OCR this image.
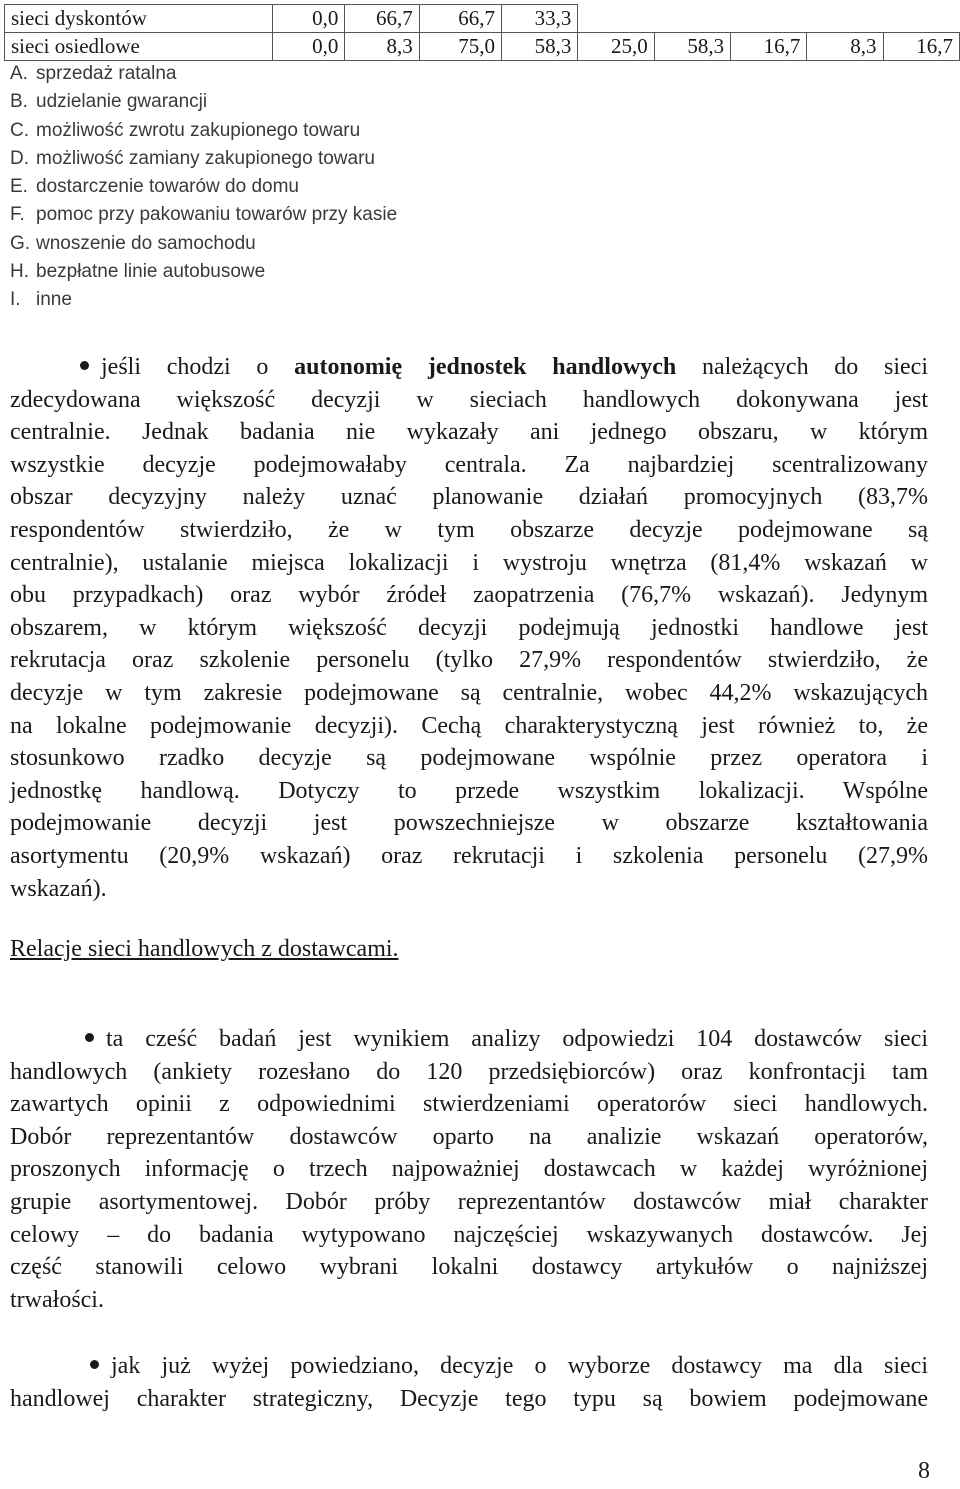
sieci dyskontów	0,0	66,7	66,7	33,3					
sieci osiedlowe	0,0	8,3	75,0	58,3	25,0	58,3	16,7	8,3	16,7
A. sprzedaż ratalna
B. udzielanie gwarancji
C. możliwość zwrotu zakupionego towaru
D. możliwość zamiany zakupionego towaru
E. dostarczenie towarów do domu
F. pomoc przy pakowaniu towarów przy kasie
G. wnoszenie do samochodu
H. bezpłatne linie autobusowe
I. inne
jeśli chodzi o autonomię jednostek handlowych należących do sieci
zdecydowana większość decyzji w sieciach handlowych dokonywana jest
centralnie. Jednak badania nie wykazały ani jednego obszaru, w którym
wszystkie decyzje podejmowałaby centrala. Za najbardziej scentralizowany
obszar decyzyjny należy uznać planowanie działań promocyjnych (83,7%
respondentów stwierdziło, że w tym obszarze decyzje podejmowane są
centralnie), ustalanie miejsca lokalizacji i wystroju wnętrza (81,4% wskazań w
obu przypadkach) oraz wybór źródeł zaopatrzenia (76,7% wskazań). Jedynym
obszarem, w którym większość decyzji podejmują jednostki handlowe jest
rekrutacja oraz szkolenie personelu (tylko 27,9% respondentów stwierdziło, że
decyzje w tym zakresie podejmowane są centralnie, wobec 44,2% wskazujących
na lokalne podejmowanie decyzji). Cechą charakterystyczną jest również to, że
stosunkowo rzadko decyzje są podejmowane wspólnie przez operatora i
jednostkę handlową. Dotyczy to przede wszystkim lokalizacji. Wspólne
podejmowanie decyzji jest powszechniejsze w obszarze kształtowania
asortymentu (20,9% wskazań) oraz rekrutacji i szkolenia personelu (27,9%
wskazań).
Relacje sieci handlowych z dostawcami.
ta cześć badań jest wynikiem analizy odpowiedzi 104 dostawców sieci
handlowych (ankiety rozesłano do 120 przedsiębiorców) oraz konfrontacji tam
zawartych opinii z odpowiednimi stwierdzeniami operatorów sieci handlowych.
Dobór reprezentantów dostawców oparto na analizie wskazań operatorów,
proszonych informację o trzech najpoważniej dostawcach w każdej wyróżnionej
grupie asortymentowej. Dobór próby reprezentantów dostawców miał charakter
celowy – do badania wytypowano najczęściej wskazywanych dostawców. Jej
część stanowili celowo wybrani lokalni dostawcy artykułów o najniższej
trwałości.
jak już wyżej powiedziano, decyzje o wyborze dostawcy ma dla sieci
handlowej charakter strategiczny, Decyzje tego typu są bowiem podejmowane
8
